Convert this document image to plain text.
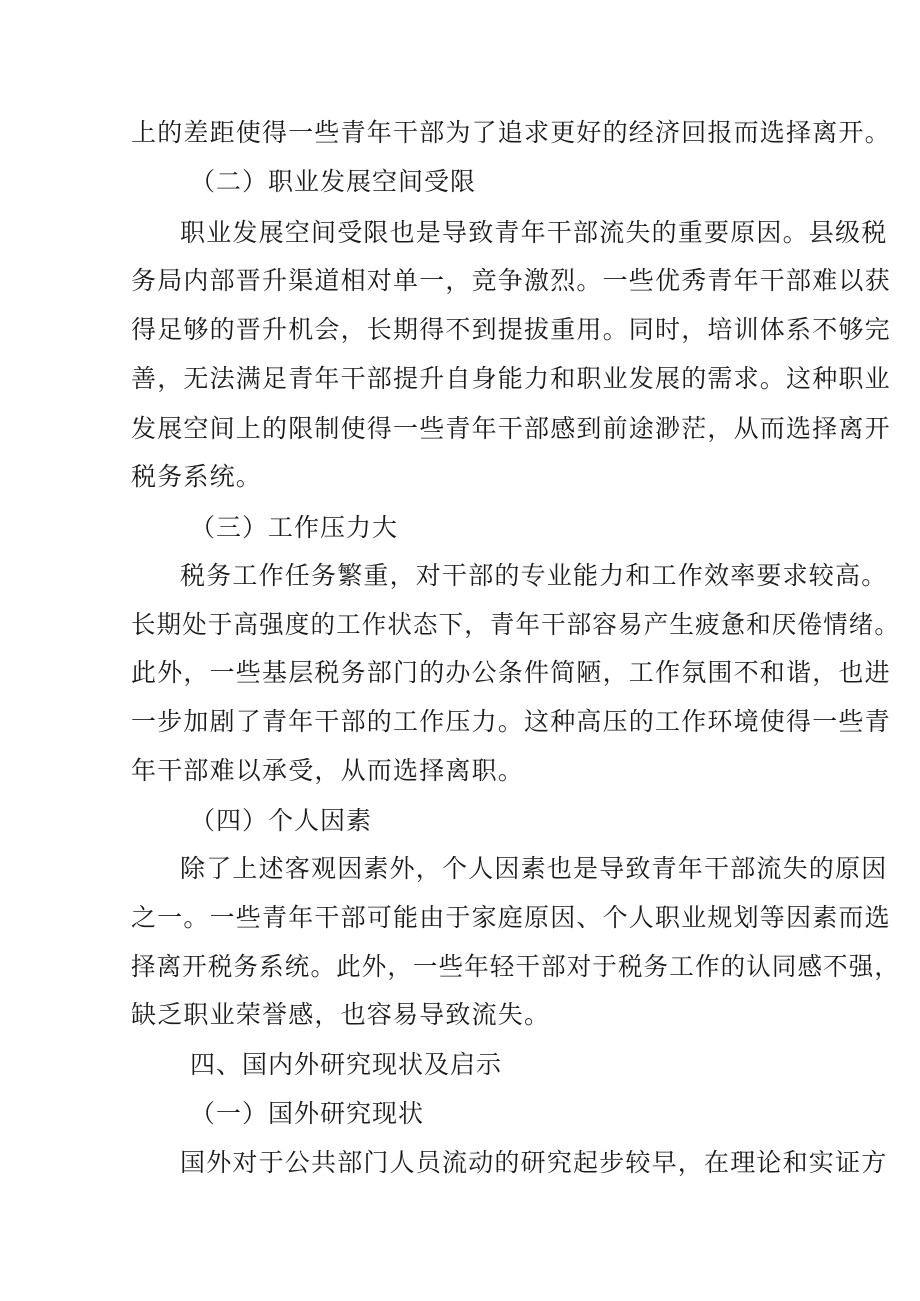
上的差距使得一些青年干部为了追求更好的经济回报而选择离开。
（二）职业发展空间受限
职业发展空间受限也是导致青年干部流失的重要原因。县级税
务局内部晋升渠道相对单一，竞争激烈。一些优秀青年干部难以获
得足够的晋升机会，长期得不到提拔重用。同时，培训体系不够完
善，无法满足青年干部提升自身能力和职业发展的需求。这种职业
发展空间上的限制使得一些青年干部感到前途渺茫，从而选择离开
税务系统。
（三）工作压力大
税务工作任务繁重，对干部的专业能力和工作效率要求较高。
长期处于高强度的工作状态下，青年干部容易产生疲惫和厌倦情绪。
此外，一些基层税务部门的办公条件简陋，工作氛围不和谐，也进
一步加剧了青年干部的工作压力。这种高压的工作环境使得一些青
年干部难以承受，从而选择离职。
（四）个人因素
除了上述客观因素外，个人因素也是导致青年干部流失的原因
之一。一些青年干部可能由于家庭原因、个人职业规划等因素而选
择离开税务系统。此外，一些年轻干部对于税务工作的认同感不强，
缺乏职业荣誉感，也容易导致流失。
四、国内外研究现状及启示
（一）国外研究现状
国外对于公共部门人员流动的研究起步较早，在理论和实证方
